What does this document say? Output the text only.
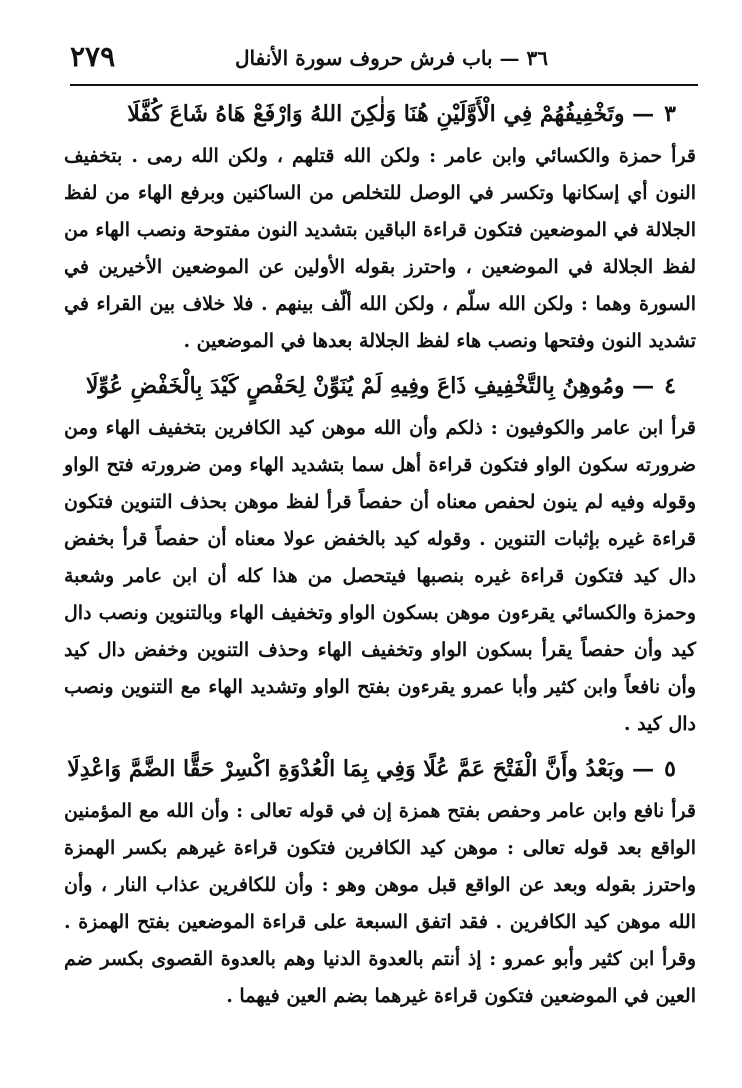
٢٧٩	٣٦ — باب فرش حروف سورة الأنفال
٣— وتَخْفِيفُهُمْ فِي الْأَوَّلَيْنِ هُنَا وَلٰكِنَ اللهُ وَارْفَعْ هَاهُ شَاعَ كُفَّلَا

قرأ حمزة والكسائي وابن عامر : ولكن الله قتلهم ، ولكن الله رمى . بتخفيف النون أي إسكانها وتكسر في الوصل للتخلص من الساكنين وبرفع الهاء من لفظ الجلالة في الموضعين فتكون قراءة الباقين بتشديد النون مفتوحة ونصب الهاء من لفظ الجلالة في الموضعين ، واحترز بقوله الأولين عن الموضعين الأخيرين في السورة وهما : ولكن الله سلّم ، ولكن الله ألّف بينهم . فلا خلاف بين القراء في تشديد النون وفتحها ونصب هاء لفظ الجلالة بعدها في الموضعين .

٤— ومُوهِنُ بِالتَّخْفِيفِ ذَاعَ وفِيهِ لَمْ يُنَوِّنْ لِحَفْصٍ كَيْدَ بِالْخَفْضِ عُوِّلَا

قرأ ابن عامر والكوفيون : ذلكم وأن الله موهن كيد الكافرين بتخفيف الهاء ومن ضرورته سكون الواو فتكون قراءة أهل سما بتشديد الهاء ومن ضرورته فتح الواو وقوله وفيه لم ينون لحفص معناه أن حفصاً قرأ لفظ موهن بحذف التنوين فتكون قراءة غيره بإثبات التنوين . وقوله كيد بالخفض عولا معناه أن حفصاً قرأ بخفض دال كيد فتكون قراءة غيره بنصبها فيتحصل من هذا كله أن ابن عامر وشعبة وحمزة والكسائي يقرءون موهن بسكون الواو وتخفيف الهاء وبالتنوين ونصب دال كيد وأن حفصاً يقرأ بسكون الواو وتخفيف الهاء وحذف التنوين وخفض دال كيد وأن نافعاً وابن كثير وأبا عمرو يقرءون بفتح الواو وتشديد الهاء مع التنوين ونصب دال كيد .

٥— وبَعْدُ وأَنَّ الْفَتْحَ عَمَّ عُلًا وَفِي بِمَا الْعُدْوَةِ اكْسِرْ حَقًّا الضَّمَّ وَاعْدِلَا

قرأ نافع وابن عامر وحفص بفتح همزة إن في قوله تعالى : وأن الله مع المؤمنين الواقع بعد قوله تعالى : موهن كيد الكافرين فتكون قراءة غيرهم بكسر الهمزة واحترز بقوله وبعد عن الواقع قبل موهن وهو : وأن للكافرين عذاب النار ، وأن الله موهن كيد الكافرين . فقد اتفق السبعة على قراءة الموضعين بفتح الهمزة . وقرأ ابن كثير وأبو عمرو : إذ أنتم بالعدوة الدنيا وهم بالعدوة القصوى بكسر ضم العين في الموضعين فتكون قراءة غيرهما بضم العين فيهما .
